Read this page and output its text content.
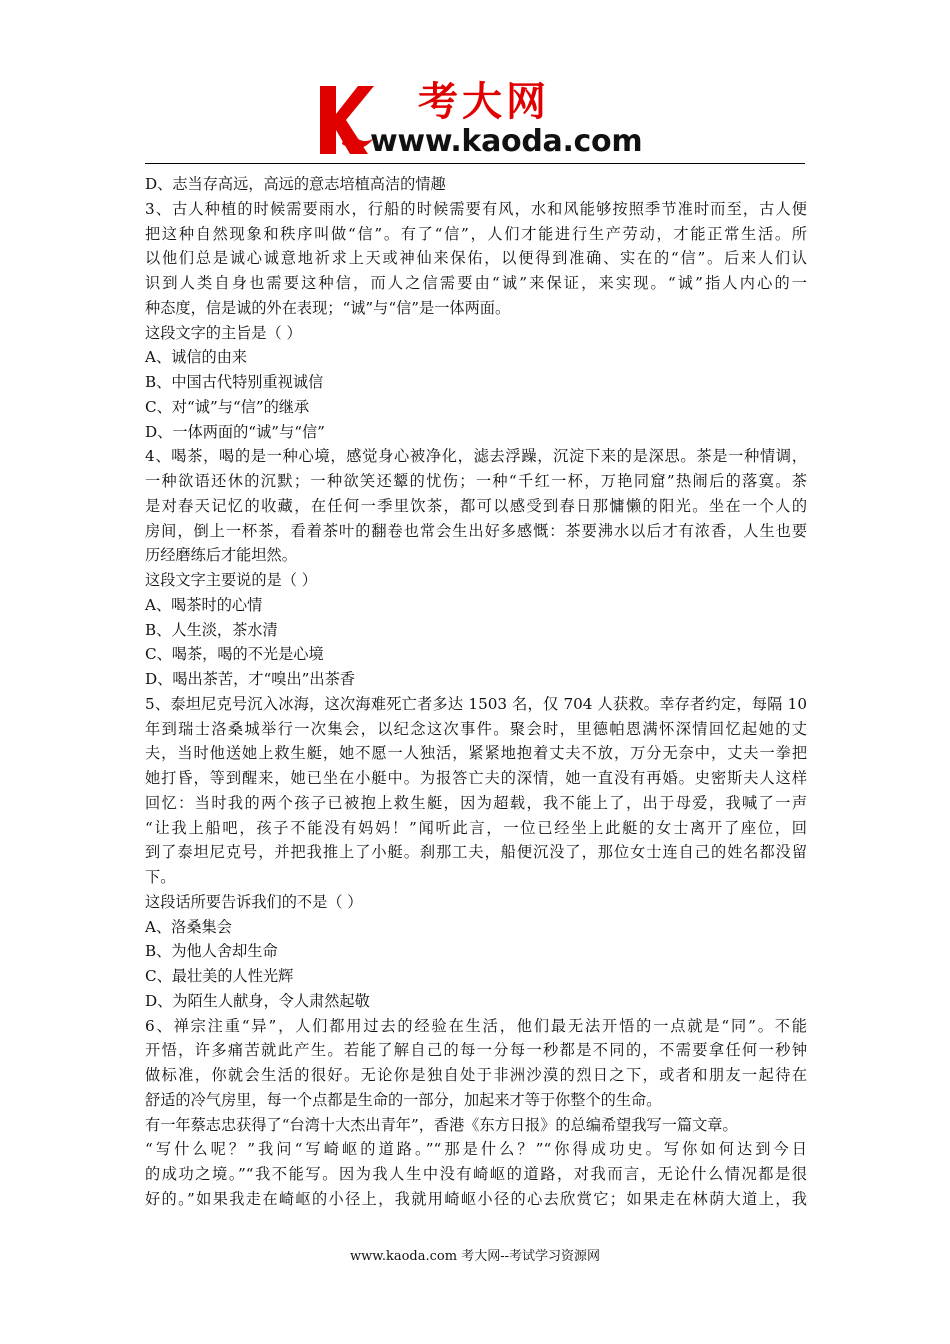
考大网
www.kaoda.com
D、志当存高远，高远的意志培植高洁的情趣
3、古人种植的时候需要雨水，行船的时候需要有风，水和风能够按照季节准时而至，古人便
把这种自然现象和秩序叫做“信”。有了“信”，人们才能进行生产劳动，才能正常生活。所
以他们总是诚心诚意地祈求上天或神仙来保佑，以便得到准确、实在的“信”。后来人们认
识到人类自身也需要这种信，而人之信需要由“诚”来保证，来实现。“诚”指人内心的一
种态度，信是诚的外在表现；“诚”与“信”是一体两面。
这段文字的主旨是（ ）
A、诚信的由来
B、中国古代特别重视诚信
C、对“诚”与“信”的继承
D、一体两面的“诚”与“信”
4、喝茶，喝的是一种心境，感觉身心被净化，滤去浮躁，沉淀下来的是深思。茶是一种情调，
一种欲语还休的沉默；一种欲笑还颦的忧伤；一种“千红一杯，万艳同窟”热闹后的落寞。茶
是对春天记忆的收藏，在任何一季里饮茶，都可以感受到春日那慵懒的阳光。坐在一个人的
房间，倒上一杯茶，看着茶叶的翻卷也常会生出好多感慨：茶要沸水以后才有浓香，人生也要
历经磨练后才能坦然。
这段文字主要说的是（ ）
A、喝茶时的心情
B、人生淡，茶水清
C、喝茶，喝的不光是心境
D、喝出茶苦，才“嗅出”出茶香
5、泰坦尼克号沉入冰海，这次海难死亡者多达 1503 名，仅 704 人获救。幸存者约定，每隔 10
年到瑞士洛桑城举行一次集会，以纪念这次事件。聚会时，里德帕恩满怀深情回忆起她的丈
夫，当时他送她上救生艇，她不愿一人独活，紧紧地抱着丈夫不放，万分无奈中，丈夫一拳把
她打昏，等到醒来，她已坐在小艇中。为报答亡夫的深情，她一直没有再婚。史密斯夫人这样
回忆：当时我的两个孩子已被抱上救生艇，因为超载，我不能上了，出于母爱，我喊了一声
“让我上船吧，孩子不能没有妈妈！”闻听此言，一位已经坐上此艇的女士离开了座位，回
到了泰坦尼克号，并把我推上了小艇。刹那工夫，船便沉没了，那位女士连自己的姓名都没留
下。
这段话所要告诉我们的不是（ ）
A、洛桑集会
B、为他人舍却生命
C、最壮美的人性光辉
D、为陌生人献身，令人肃然起敬
6、禅宗注重“异”，人们都用过去的经验在生活，他们最无法开悟的一点就是“同”。不能
开悟，许多痛苦就此产生。若能了解自己的每一分每一秒都是不同的，不需要拿任何一秒钟
做标准，你就会生活的很好。无论你是独自处于非洲沙漠的烈日之下，或者和朋友一起待在
舒适的冷气房里，每一个点都是生命的一部分，加起来才等于你整个的生命。
有一年蔡志忠获得了“台湾十大杰出青年”，香港《东方日报》的总编希望我写一篇文章。
“写什么呢？”我问“写崎岖的道路。”“那是什么？”“你得成功史。写你如何达到今日
的成功之境。”“我不能写。因为我人生中没有崎岖的道路，对我而言，无论什么情况都是很
好的。”如果我走在崎岖的小径上，我就用崎岖小径的心去欣赏它；如果走在林荫大道上，我
www.kaoda.com 考大网--考试学习资源网
